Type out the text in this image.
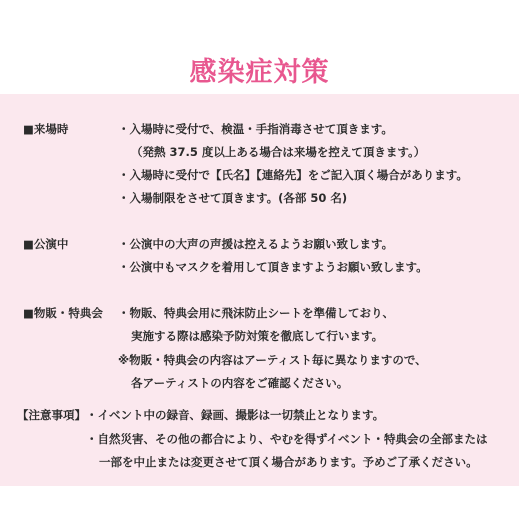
感染症対策
■来場時	・入場時に受付で、検温・手指消毒させて頂きます。
（発熱 37.5 度以上ある場合は来場を控えて頂きます。）
・入場時に受付で【氏名】【連絡先】をご記入頂く場合があります。
・入場制限をさせて頂きます。(各部 50 名)
■公演中	・公演中の大声の声援は控えるようお願い致します。
・公演中もマスクを着用して頂きますようお願い致します。
■物販・特典会 ・物販、特典会用に飛沫防止シートを準備しており、
実施する際は感染予防対策を徹底して行います。
※物販・特典会の内容はアーティスト毎に異なりますので、
各アーティストの内容をご確認ください。
【注意事項】 ・イベント中の録音、録画、撮影は一切禁止となります。
・自然災害、その他の都合により、やむを得ずイベント・特典会の全部または
一部を中止または変更させて頂く場合があります。予めご了承ください。
